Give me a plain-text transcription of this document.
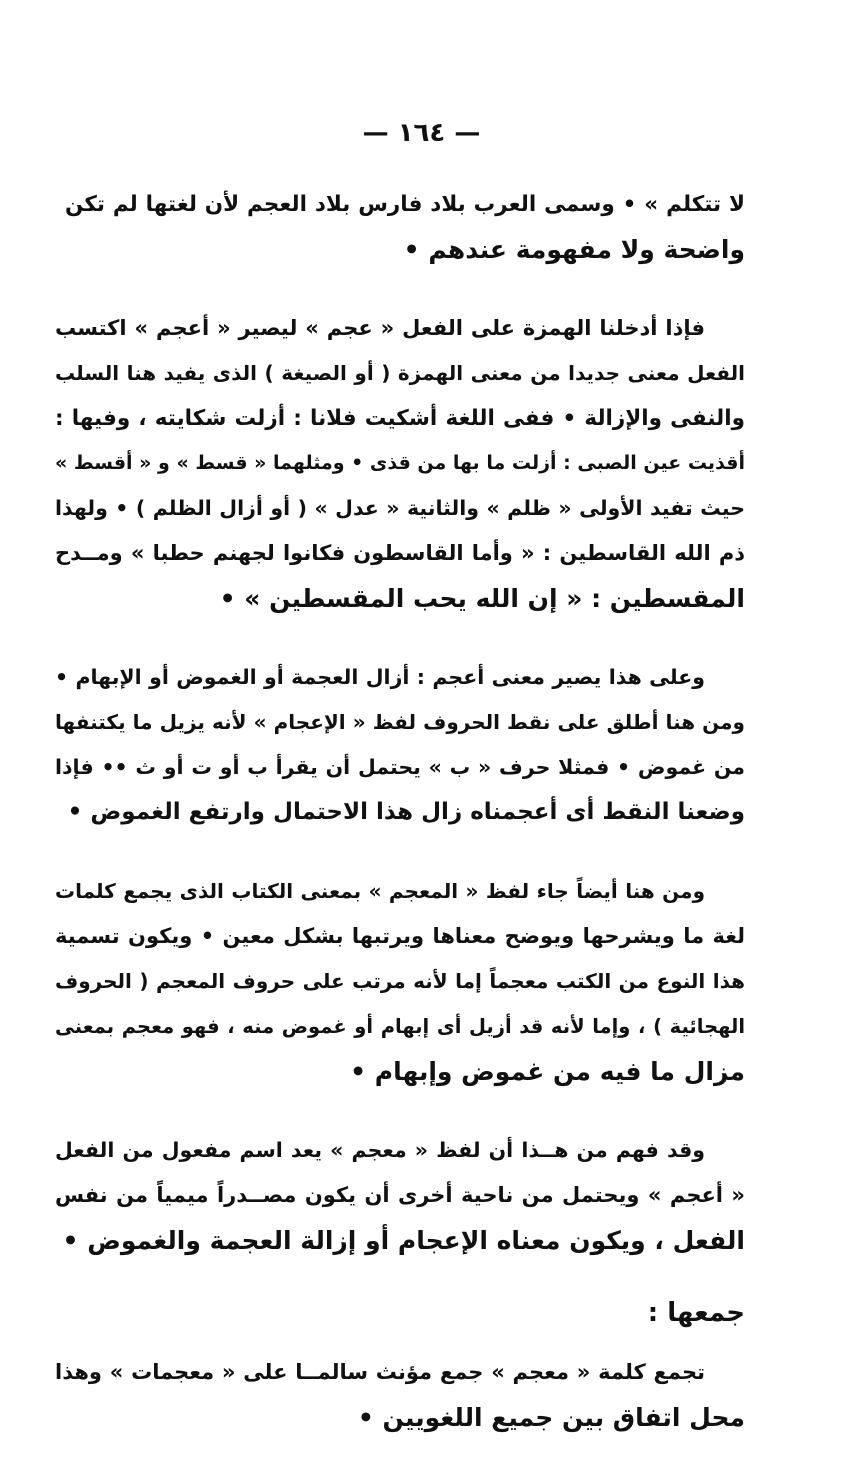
— ١٦٤ —
لا تتكلم » • وسمى العرب بلاد فارس بلاد العجم لأن لغتها لم تكن
واضحة ولا مفهومة عندهم •
فإذا أدخلنا الهمزة على الفعل « عجم » ليصير « أعجم » اكتسب
الفعل معنى جديدا من معنى الهمزة ( أو الصيغة ) الذى يفيد هنا السلب
والنفى والإزالة • ففى اللغة أشكيت فلانا : أزلت شكايته ، وفيها :
أقذيت عين الصبى : أزلت ما بها من قذى • ومثلهما « قسط » و « أقسط »
حيث تفيد الأولى « ظلم » والثانية « عدل » ( أو أزال الظلم ) • ولهذا
ذم الله القاسطين : « وأما القاسطون فكانوا لجهنم حطبا » ومــدح
المقسطين : « إن الله يحب المقسطين » •
وعلى هذا يصير معنى أعجم : أزال العجمة أو الغموض أو الإبهام •
ومن هنا أطلق على نقط الحروف لفظ « الإعجام » لأنه يزيل ما يكتنفها
من غموض • فمثلا حرف « ب » يحتمل أن يقرأ ب أو ت أو ث •• فإذا
وضعنا النقط أى أعجمناه زال هذا الاحتمال وارتفع الغموض •
ومن هنا أيضاً جاء لفظ « المعجم » بمعنى الكتاب الذى يجمع كلمات
لغة ما ويشرحها ويوضح معناها ويرتبها بشكل معين • ويكون تسمية
هذا النوع من الكتب معجماً إما لأنه مرتب على حروف المعجم ( الحروف
الهجائية ) ، وإما لأنه قد أزيل أى إبهام أو غموض منه ، فهو معجم بمعنى
مزال ما فيه من غموض وإبهام •
وقد فهم من هــذا أن لفظ « معجم » يعد اسم مفعول من الفعل
« أعجم » ويحتمل من ناحية أخرى أن يكون مصــدراً ميمياً من نفس
الفعل ، ويكون معناه الإعجام أو إزالة العجمة والغموض •
جمعها :
تجمع كلمة « معجم » جمع مؤنث سالمــا على « معجمات » وهذا
محل اتفاق بين جميع اللغويين •
